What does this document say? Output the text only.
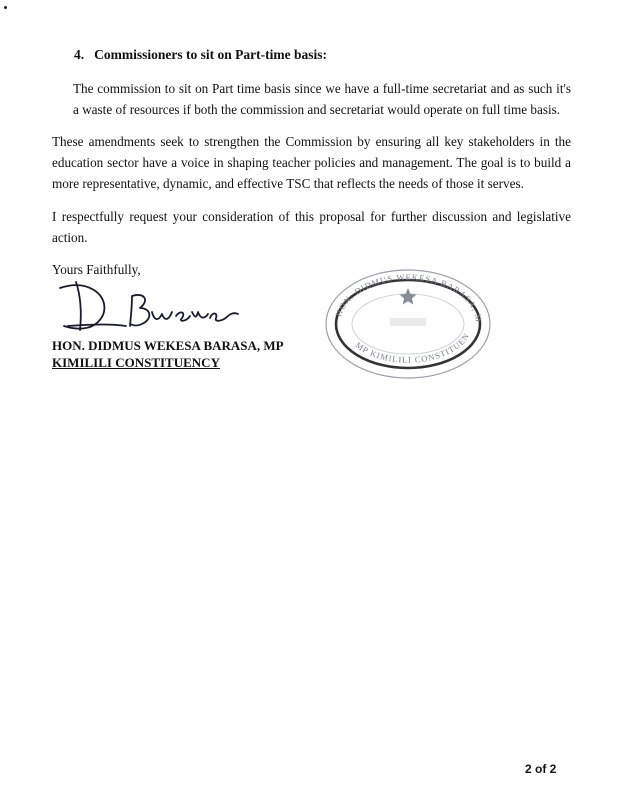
4. Commissioners to sit on Part-time basis:

The commission to sit on Part time basis since we have a full-time secretariat and as such it's a waste of resources if both the commission and secretariat would operate on full time basis.

These amendments seek to strengthen the Commission by ensuring all key stakeholders in the education sector have a voice in shaping teacher policies and management. The goal is to build a more representative, dynamic, and effective TSC that reflects the needs of those it serves.

I respectfully request your consideration of this proposal for further discussion and legislative action.

Yours Faithfully,

HON. DIDMUS WEKESA BARASA, MP

KIMILILI CONSTITUENCY

HON. DIDMUS WEKESA BARASA, M
MP KIMILILI CONSTITUEN

2 of 2
